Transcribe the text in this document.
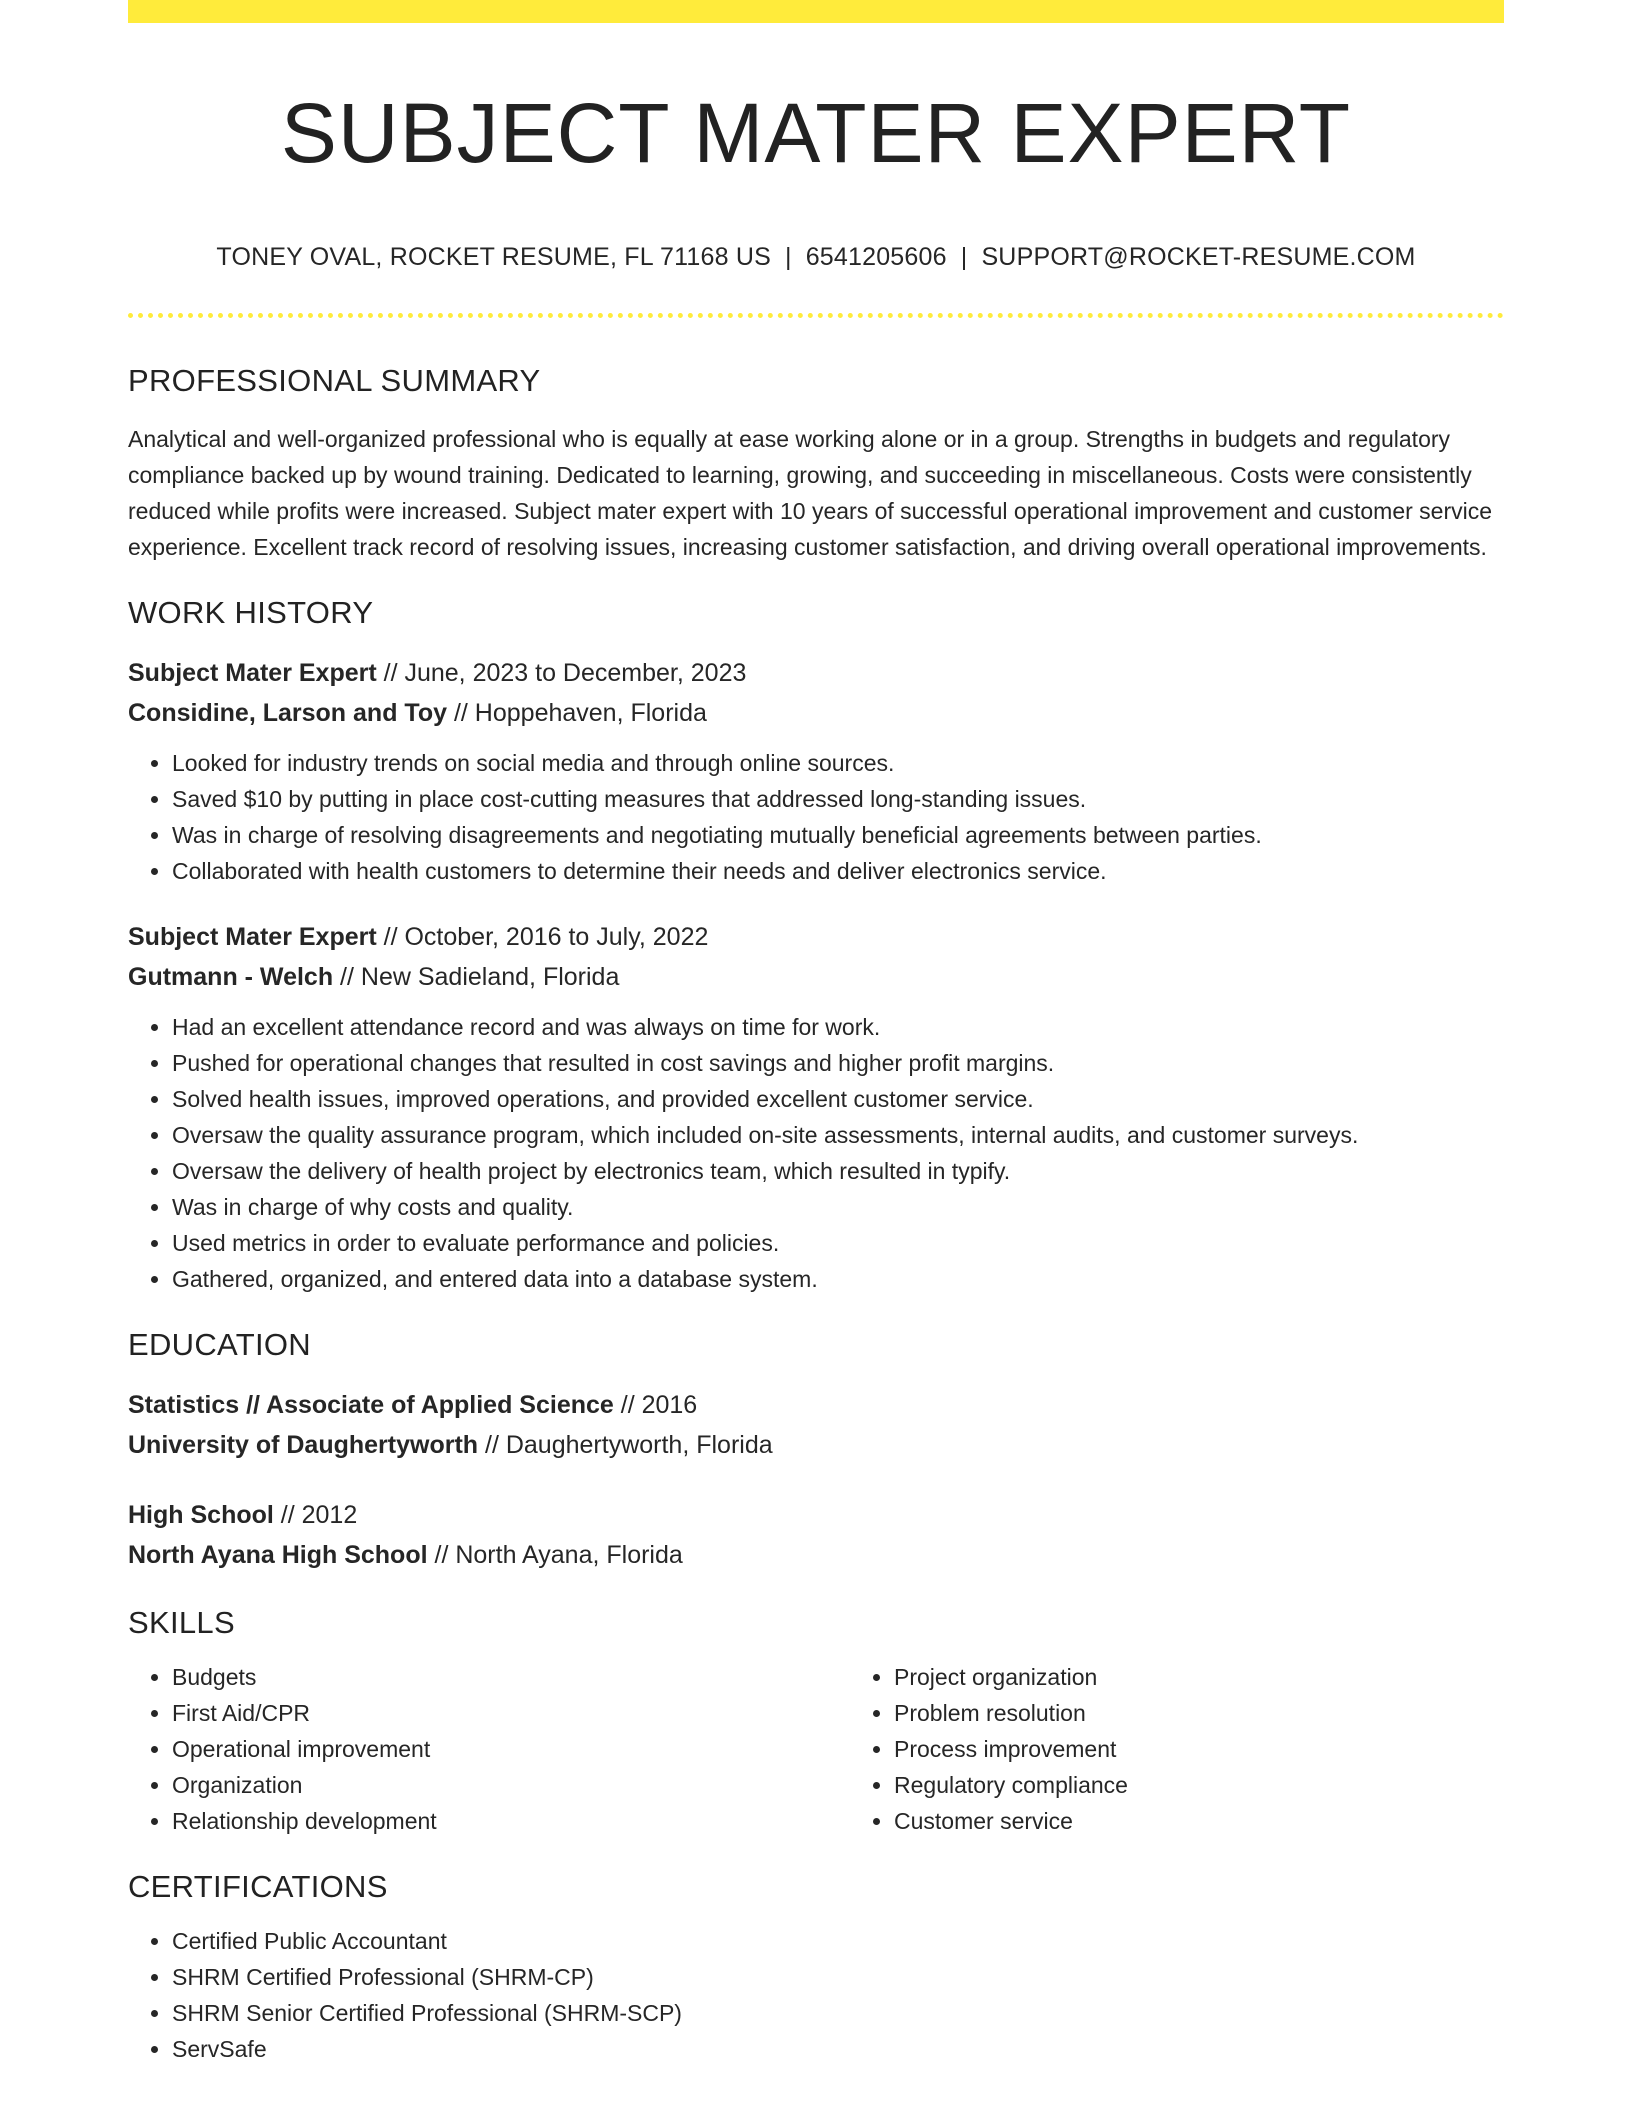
SUBJECT MATER EXPERT
TONEY OVAL, ROCKET RESUME, FL 71168 US | 6541205606 | SUPPORT@ROCKET-RESUME.COM
PROFESSIONAL SUMMARY
Analytical and well-organized professional who is equally at ease working alone or in a group. Strengths in budgets and regulatory compliance backed up by wound training. Dedicated to learning, growing, and succeeding in miscellaneous. Costs were consistently reduced while profits were increased. Subject mater expert with 10 years of successful operational improvement and customer service experience. Excellent track record of resolving issues, increasing customer satisfaction, and driving overall operational improvements.
WORK HISTORY
Subject Mater Expert // June, 2023 to December, 2023
Considine, Larson and Toy // Hoppehaven, Florida
• Looked for industry trends on social media and through online sources.
• Saved $10 by putting in place cost-cutting measures that addressed long-standing issues.
• Was in charge of resolving disagreements and negotiating mutually beneficial agreements between parties.
• Collaborated with health customers to determine their needs and deliver electronics service.
Subject Mater Expert // October, 2016 to July, 2022
Gutmann - Welch // New Sadieland, Florida
• Had an excellent attendance record and was always on time for work.
• Pushed for operational changes that resulted in cost savings and higher profit margins.
• Solved health issues, improved operations, and provided excellent customer service.
• Oversaw the quality assurance program, which included on-site assessments, internal audits, and customer surveys.
• Oversaw the delivery of health project by electronics team, which resulted in typify.
• Was in charge of why costs and quality.
• Used metrics in order to evaluate performance and policies.
• Gathered, organized, and entered data into a database system.
EDUCATION
Statistics // Associate of Applied Science // 2016
University of Daughertyworth // Daughertyworth, Florida
High School // 2012
North Ayana High School // North Ayana, Florida
SKILLS
• Budgets
• First Aid/CPR
• Operational improvement
• Organization
• Relationship development
• Project organization
• Problem resolution
• Process improvement
• Regulatory compliance
• Customer service
CERTIFICATIONS
• Certified Public Accountant
• SHRM Certified Professional (SHRM-CP)
• SHRM Senior Certified Professional (SHRM-SCP)
• ServSafe
